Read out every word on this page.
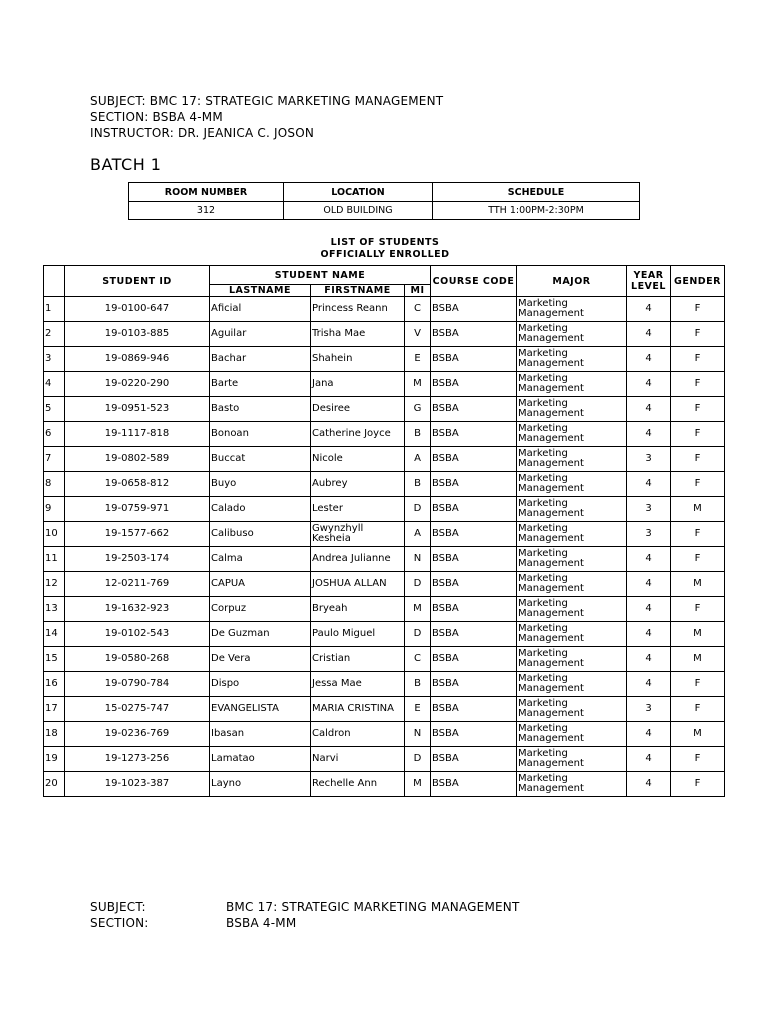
SUBJECT: BMC 17: STRATEGIC MARKETING MANAGEMENT
SECTION: BSBA 4-MM
INSTRUCTOR: DR. JEANICA C. JOSON
BATCH 1
ROOM NUMBER	LOCATION	SCHEDULE
312	OLD BUILDING	TTH 1:00PM-2:30PM
LIST OF STUDENTS
OFFICIALLY ENROLLED
	STUDENT ID	STUDENT NAME			COURSE CODE	MAJOR	YEAR LEVEL	GENDER
		LASTNAME	FIRSTNAME	MI				
1	19-0100-647	Aficial	Princess Reann	C	BSBA	Marketing Management	4	F
2	19-0103-885	Aguilar	Trisha Mae	V	BSBA	Marketing Management	4	F
3	19-0869-946	Bachar	Shahein	E	BSBA	Marketing Management	4	F
4	19-0220-290	Barte	Jana	M	BSBA	Marketing Management	4	F
5	19-0951-523	Basto	Desiree	G	BSBA	Marketing Management	4	F
6	19-1117-818	Bonoan	Catherine Joyce	B	BSBA	Marketing Management	4	F
7	19-0802-589	Buccat	Nicole	A	BSBA	Marketing Management	3	F
8	19-0658-812	Buyo	Aubrey	B	BSBA	Marketing Management	4	F
9	19-0759-971	Calado	Lester	D	BSBA	Marketing Management	3	M
10	19-1577-662	Calibuso	Gwynzhyll Kesheia	A	BSBA	Marketing Management	3	F
11	19-2503-174	Calma	Andrea Julianne	N	BSBA	Marketing Management	4	F
12	12-0211-769	CAPUA	JOSHUA ALLAN	D	BSBA	Marketing Management	4	M
13	19-1632-923	Corpuz	Bryeah	M	BSBA	Marketing Management	4	F
14	19-0102-543	De Guzman	Paulo Miguel	D	BSBA	Marketing Management	4	M
15	19-0580-268	De Vera	Cristian	C	BSBA	Marketing Management	4	M
16	19-0790-784	Dispo	Jessa Mae	B	BSBA	Marketing Management	4	F
17	15-0275-747	EVANGELISTA	MARIA CRISTINA	E	BSBA	Marketing Management	3	F
18	19-0236-769	Ibasan	Caldron	N	BSBA	Marketing Management	4	M
19	19-1273-256	Lamatao	Narvi	D	BSBA	Marketing Management	4	F
20	19-1023-387	Layno	Rechelle Ann	M	BSBA	Marketing Management	4	F
SUBJECT:	BMC 17: STRATEGIC MARKETING MANAGEMENT
SECTION:	BSBA 4-MM
